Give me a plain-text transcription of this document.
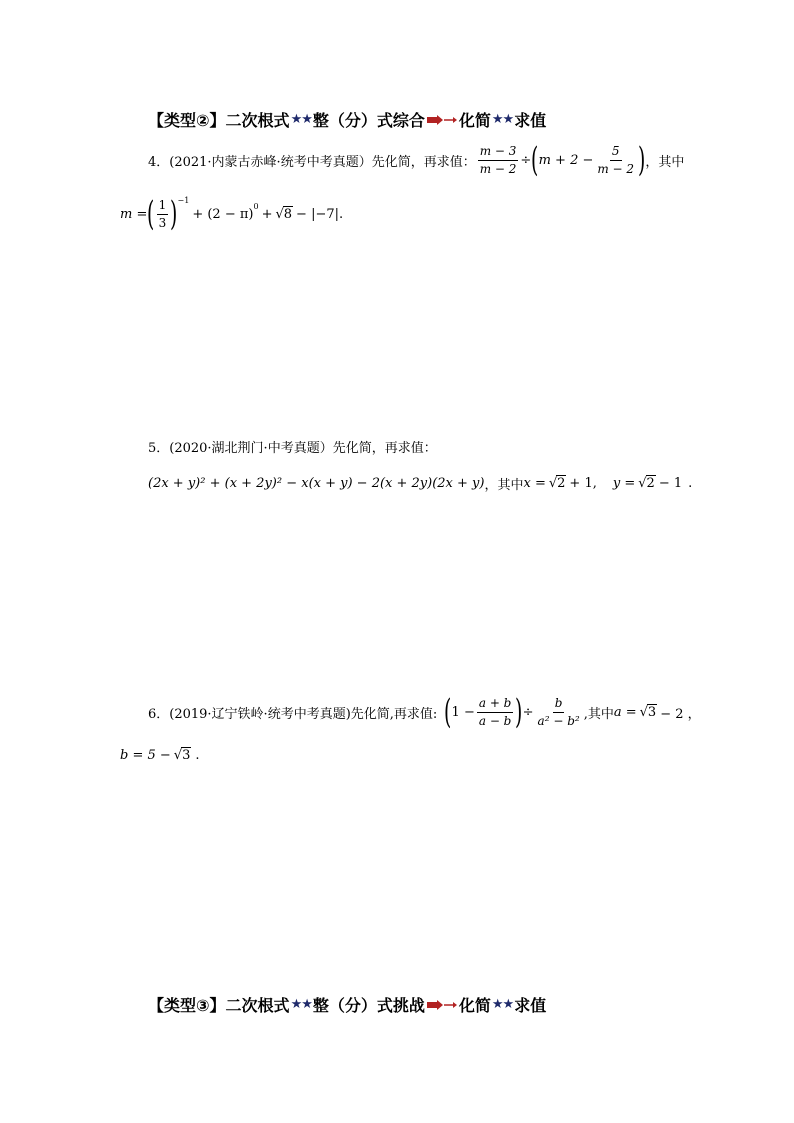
【类型②】二次根式 ★★ 整（分）式综合 化简 ★★ 求值
4．(2021·内蒙古赤峰·统考中考真题）先化简，再求值： $\frac{m - 3}{m - 2}$ ÷ ( $m + 2 - \frac{5}{m - 2}$ ) ，其中
m = ( $\frac{1}{3} )^{-1}$
+ $(2 - \pi)^0$ + √ 8 − |−7| .
5．(2020·湖北荆门·中考真题）先化简，再求值：
(2x + y)² + (x + 2y)² − x(x + y) − 2(x + 2y)(2x + y) ，其中 x = √ 2 + 1, y = √ 2 − 1 .
6．(2019·辽宁铁岭·统考中考真题)先化简,再求值: ( $1 - \frac{a + b}{a - b}$ ) ÷ $\frac{b}{\text{a² − b²}}$ ,其中 a = √ 3 − 2 ，
b = 5 − √ 3 .
【类型③】二次根式 ★★ 整（分）式挑战 化简 ★★ 求值
